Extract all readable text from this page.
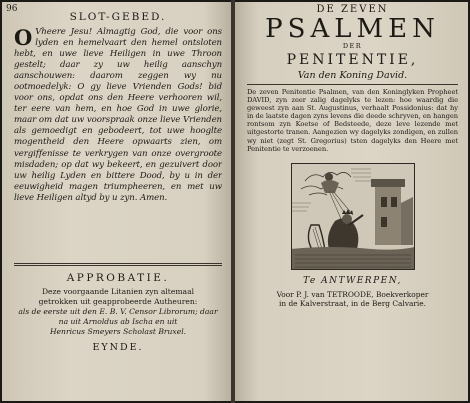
96
SLOT-GEBED.
O Vheere Jesu! Almagtig God, die voor ons lyden en hemelvaart den hemel ontsloten hebt, en uwe lieve Heiligen in uwe Throon gestelt; daar zy uw heilig aanschyn aanschouwen: daarom zeggen wy nu ootmoedelyk: O gy lieve Vrienden Gods! bid voor ons, opdat ons den Heere verhooren wil, ter eere van hem, en hoe God in uwe glorie, maar om dat uw voorspraak onze lieve Vrienden als gemoedigt en gebodeert, tot uwe hooglte mogentheid den Heere opwaarts zien, om vergiffenisse te verkrygen van onze overgroote misdaden; op dat wy bekeert, en gezuivert door uw heilig Lyden en bittere Dood, by u in der eeuwigheid magen triumpheeren, en met uw lieve Heiligen altyd by u zyn. Amen.
APPROBATIE.
Deze voorgaande Litanien zyn altemaal
getrokken uit geapprobeerde Autheuren:
als de eerste uit den E. B. V. Censor Librorum; daar na uit Arnoldus ab Ischa en uit
Henricus Smeyers Scholast Bruxel.
EYNDE.
DE ZEVEN
PSALMEN
DER
PENITENTIE,
Van den Koning David.
De zeven Penitentie Psalmen, van den Koninglyken Propheet DAVID, zyn zeer zalig dagelyks te lezen: hoe waardig die geweest zyn aan St. Augustinus, verhaalt Possidonius: dat hy in de laatste dagen zyns levens die deede schryven, en hangen rontsom zyn Koetse of Bedsteede, deze leve lezende met uitgestorte tranen. Aangezien wy dagelyks zondigen, en zullen wy niet (zegt St. Gregorius) tsten dagelyks den Heere met Penitentie te verzoenen.
Te ANTWERPEN,
Voor P. J. van TETROODE, Boekverkoper
in de Kalverstraat, in de Berg Calvarie.
